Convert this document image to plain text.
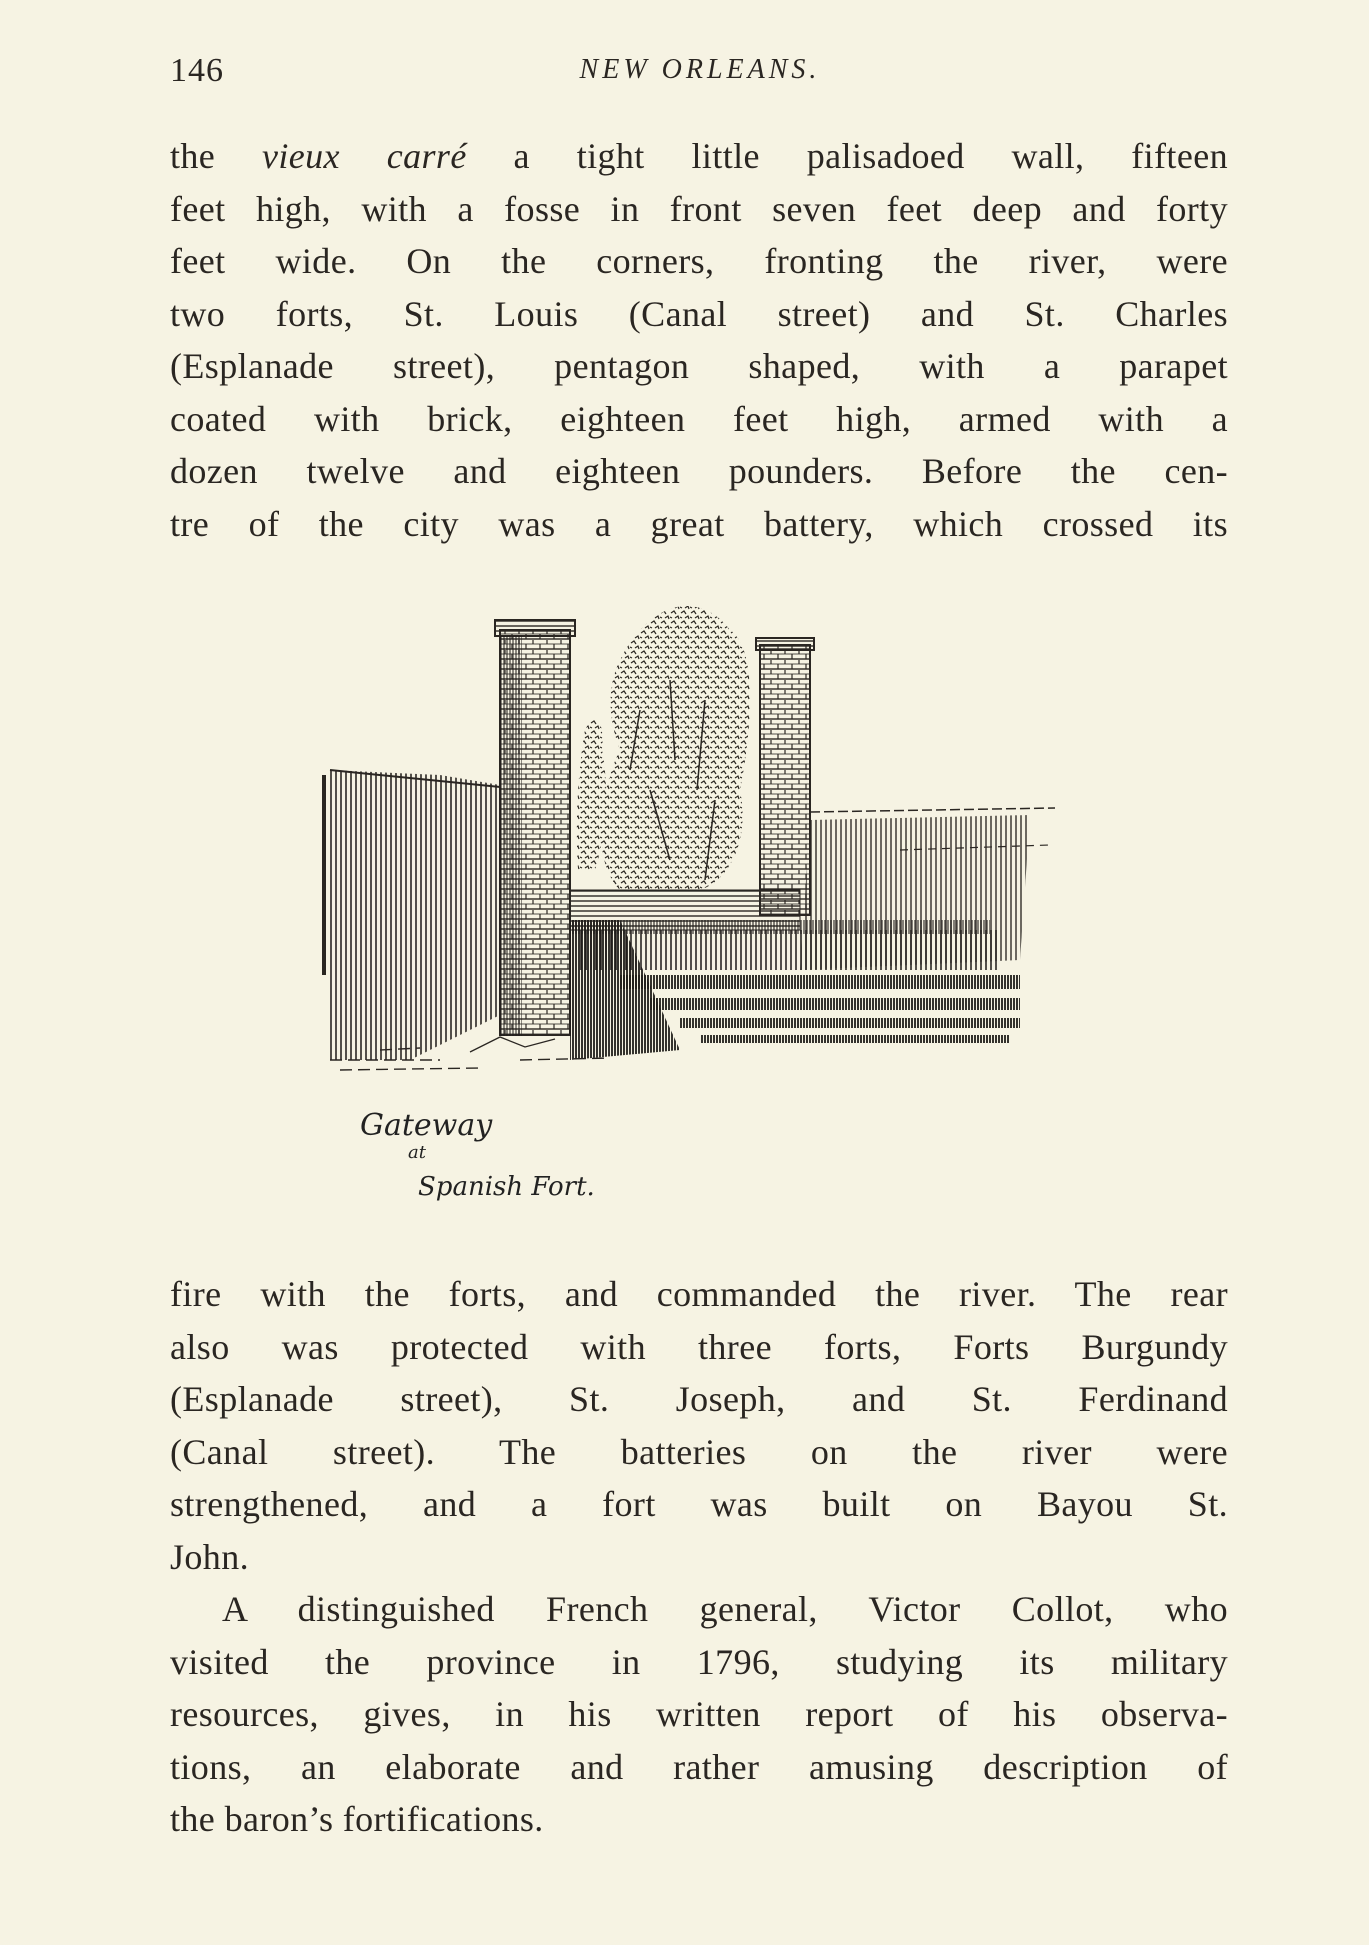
146	NEW ORLEANS.
the vieux carré a tight little palisadoed wall, fifteen
feet high, with a fosse in front seven feet deep and forty
feet wide. On the corners, fronting the river, were
two forts, St. Louis (Canal street) and St. Charles
(Esplanade street), pentagon shaped, with a parapet
coated with brick, eighteen feet high, armed with a
dozen twelve and eighteen pounders. Before the cen-
tre of the city was a great battery, which crossed its
Gateway
at
Spanish Fort.

fire with the forts, and commanded the river. The rear
also was protected with three forts, Forts Burgundy
(Esplanade street), St. Joseph, and St. Ferdinand
(Canal street). The batteries on the river were
strengthened, and a fort was built on Bayou St.
John.

A distinguished French general, Victor Collot, who
visited the province in 1796, studying its military
resources, gives, in his written report of his observa-
tions, an elaborate and rather amusing description of
the baron’s fortifications.
